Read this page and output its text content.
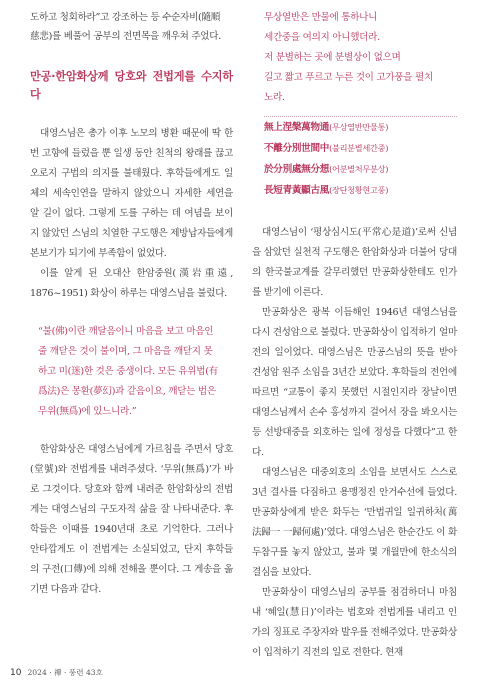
도하고 청회하라”고 강조하는 등 수순자비(隨順
慈悲)를 베풀어 공부의 전면목을 깨우쳐 주었다.

만공·한암화상께 당호와 전법게를 수지하다

대영스님은 총가 이후 노모의 병환 때문에 딱 한 번 고향에 들렀을 뿐 일생 동안 친척의 왕래를 끊고 오로지 구법의 의지를 불태웠다. 후학들에게도 일체의 세속인연을 말하지 않았으니 자세한 세연을 알 길이 없다. 그렇게 도를 구하는 데 여념을 보이지 않았던 스님의 치열한 구도행은 제방납자들에게 본보기가 되기에 부족함이 없었다.

이를 알게 된 오대산 한암중원(漢岩重遠, 1876~1951) 화상이 하루는 대영스님을 불렀다.

“불(佛)이란 깨달음이니 마음을 보고 마음인
줄 깨닫은 것이 불이며, 그 마음을 깨닫지 못
하고 미(迷)한 것은 중생이다. 모든 유위법(有
爲法)은 몽환(夢幻)과 같음이요, 깨닫는 법은
무위(無爲)에 있느니라.”

한암화상은 대영스님에게 가르침을 주면서 당호(堂號)와 전법게를 내려주셨다. ‘무위(無爲)’가 바로 그것이다. 당호와 함께 내려준 한암화상의 전법게는 대영스님의 구도자적 삶을 잘 나타내준다. 후학들은 이때를 1940년대 초로 기억한다. 그러나 안타깝게도 이 전법게는 소실되었고, 단지 후학들의 구전(口傳)에 의해 전해올 뿐이다. 그 게송을 옮기면 다음과 같다.

무상열반은 만물에 통하나니
세간중을 여의지 아니했더라.
저 분별하는 곳에 분별상이 없으며
길고 짧고 푸르고 누른 것이 고가풍을 펼치
노라.
無上涅槃萬物通(무상열반만물통)
不離分別世間中(불리분별세간중)
於分別處無分想(어분별처무분상)
長短青黃顯古風(장단청황현고풍)

대영스님이 ‘평상심시도(平常心是道)’로써 신념을 삼았던 실천적 구도행은 한암화상과 더불어 당대의 한국불교계를 갈무리했던 만공화상한테도 인가를 받기에 이른다.

만공화상은 광복 이듬해인 1946년 대영스님을 다시 견성암으로 불렀다. 만공화상이 입적하기 얼마 전의 일이었다. 대영스님은 만공스님의 뜻을 받아 견성암 원주 소임을 3년간 보았다. 후학들의 전언에 따르면 “교통이 좋지 못했던 시절인지라 장날이면 대영스님께서 손수 홍성까지 걸어서 장을 봐오시는 등 선방대중을 외호하는 일에 정성을 다했다”고 한다.

대영스님은 대중외호의 소임을 보면서도 스스로 3년 결사를 다짐하고 용맹정진 안거수선에 들었다. 만공화상에게 받은 화두는 ‘만법귀일 일귀하처(萬法歸一 一歸何處)’였다. 대영스님은 한순간도 이 화두참구를 놓지 않았고, 불과 몇 개월만에 한소식의 결심을 보았다.

만공화상이 대영스님의 공부를 점검하더니 마침내 ‘혜일(慧日)’이라는 법호와 전법게를 내리고 인가의 징표로 주장자와 발우를 전해주었다. 만공화상이 입적하기 직전의 일로 전한다. 현재

10 2024 · 禪 · 풍련 43호
